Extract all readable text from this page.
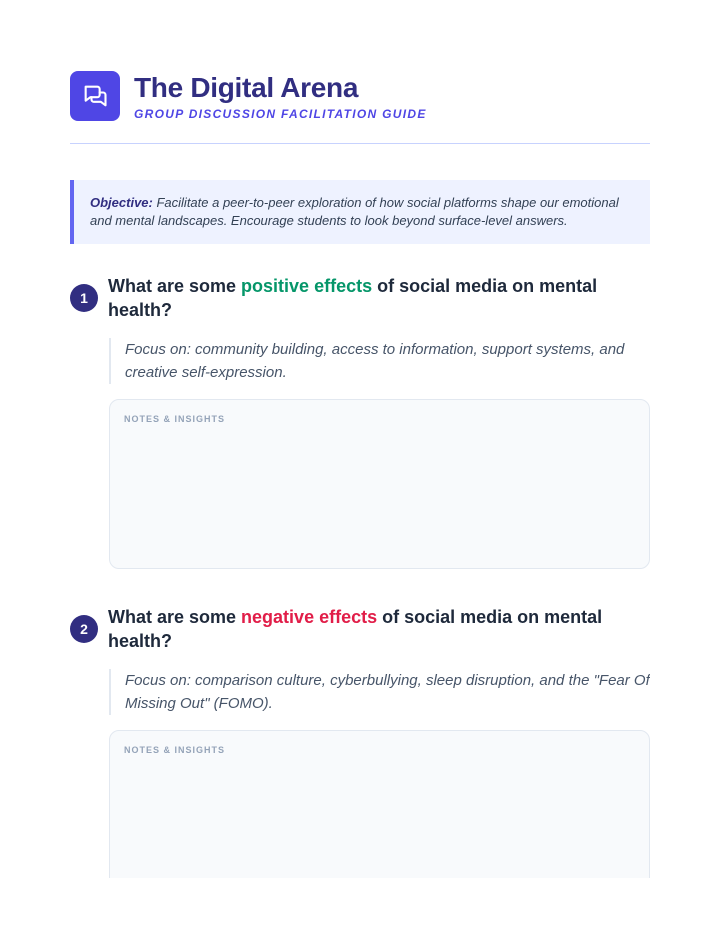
The Digital Arena
GROUP DISCUSSION FACILITATION GUIDE
Objective: Facilitate a peer-to-peer exploration of how social platforms shape our emotional and mental landscapes. Encourage students to look beyond surface-level answers.
1
What are some positive effects of social media on mental health?
Focus on: community building, access to information, support systems, and creative self-expression.
NOTES & INSIGHTS
2
What are some negative effects of social media on mental health?
Focus on: comparison culture, cyberbullying, sleep disruption, and the "Fear Of Missing Out" (FOMO).
NOTES & INSIGHTS
